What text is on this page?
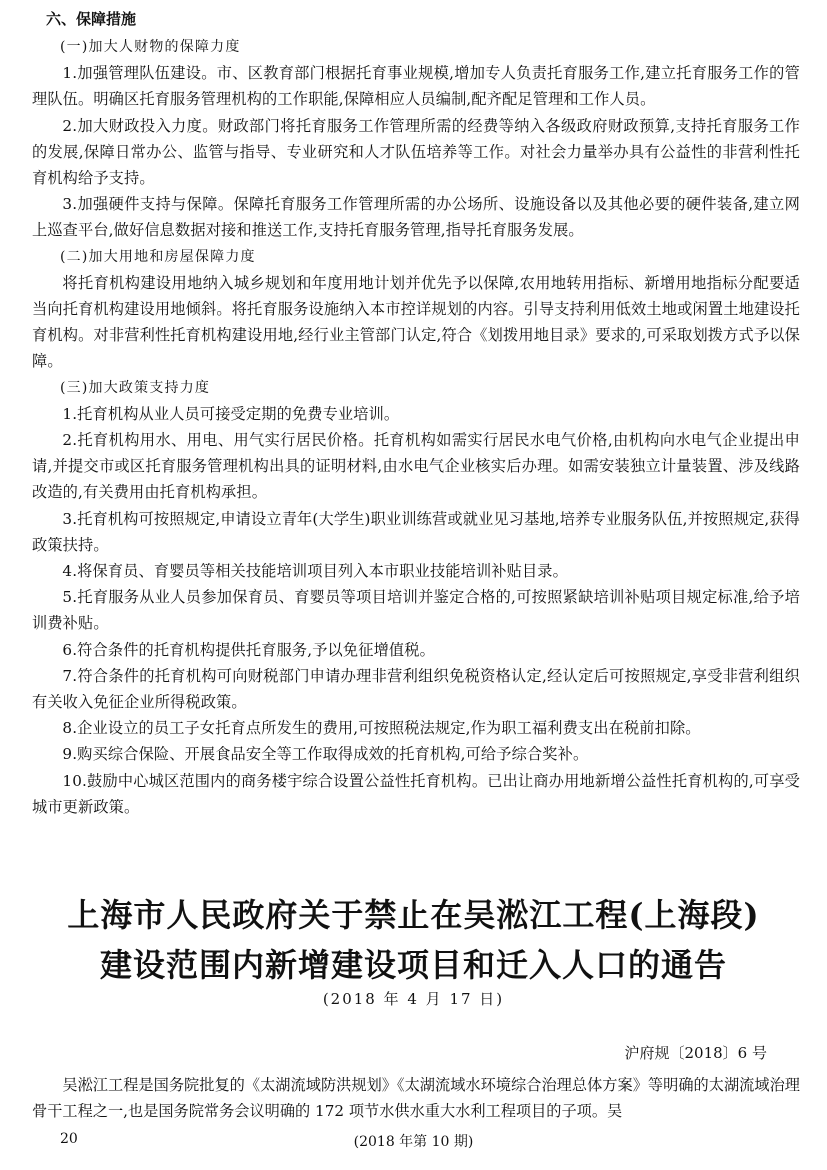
六、保障措施

(一)加大人财物的保障力度

1.加强管理队伍建设。市、区教育部门根据托育事业规模,增加专人负责托育服务工作,建立托育服务工作的管理队伍。明确区托育服务管理机构的工作职能,保障相应人员编制,配齐配足管理和工作人员。

2.加大财政投入力度。财政部门将托育服务工作管理所需的经费等纳入各级政府财政预算,支持托育服务工作的发展,保障日常办公、监管与指导、专业研究和人才队伍培养等工作。对社会力量举办具有公益性的非营利性托育机构给予支持。

3.加强硬件支持与保障。保障托育服务工作管理所需的办公场所、设施设备以及其他必要的硬件装备,建立网上巡查平台,做好信息数据对接和推送工作,支持托育服务管理,指导托育服务发展。

(二)加大用地和房屋保障力度

将托育机构建设用地纳入城乡规划和年度用地计划并优先予以保障,农用地转用指标、新增用地指标分配要适当向托育机构建设用地倾斜。将托育服务设施纳入本市控详规划的内容。引导支持利用低效土地或闲置土地建设托育机构。对非营利性托育机构建设用地,经行业主管部门认定,符合《划拨用地目录》要求的,可采取划拨方式予以保障。

(三)加大政策支持力度

1.托育机构从业人员可接受定期的免费专业培训。

2.托育机构用水、用电、用气实行居民价格。托育机构如需实行居民水电气价格,由机构向水电气企业提出申请,并提交市或区托育服务管理机构出具的证明材料,由水电气企业核实后办理。如需安装独立计量装置、涉及线路改造的,有关费用由托育机构承担。

3.托育机构可按照规定,申请设立青年(大学生)职业训练营或就业见习基地,培养专业服务队伍,并按照规定,获得政策扶持。

4.将保育员、育婴员等相关技能培训项目列入本市职业技能培训补贴目录。

5.托育服务从业人员参加保育员、育婴员等项目培训并鉴定合格的,可按照紧缺培训补贴项目规定标准,给予培训费补贴。

6.符合条件的托育机构提供托育服务,予以免征增值税。

7.符合条件的托育机构可向财税部门申请办理非营利组织免税资格认定,经认定后可按照规定,享受非营利组织有关收入免征企业所得税政策。

8.企业设立的员工子女托育点所发生的费用,可按照税法规定,作为职工福利费支出在税前扣除。

9.购买综合保险、开展食品安全等工作取得成效的托育机构,可给予综合奖补。

10.鼓励中心城区范围内的商务楼宇综合设置公益性托育机构。已出让商办用地新增公益性托育机构的,可享受城市更新政策。

上海市人民政府关于禁止在吴淞江工程(上海段)
建设范围内新增建设项目和迁入人口的通告
(2018 年 4 月 17 日)
沪府规〔2018〕6 号

吴淞江工程是国务院批复的《太湖流域防洪规划》《太湖流域水环境综合治理总体方案》等明确的太湖流域治理骨干工程之一,也是国务院常务会议明确的 172 项节水供水重大水利工程项目的子项。吴

20	(2018 年第 10 期)
